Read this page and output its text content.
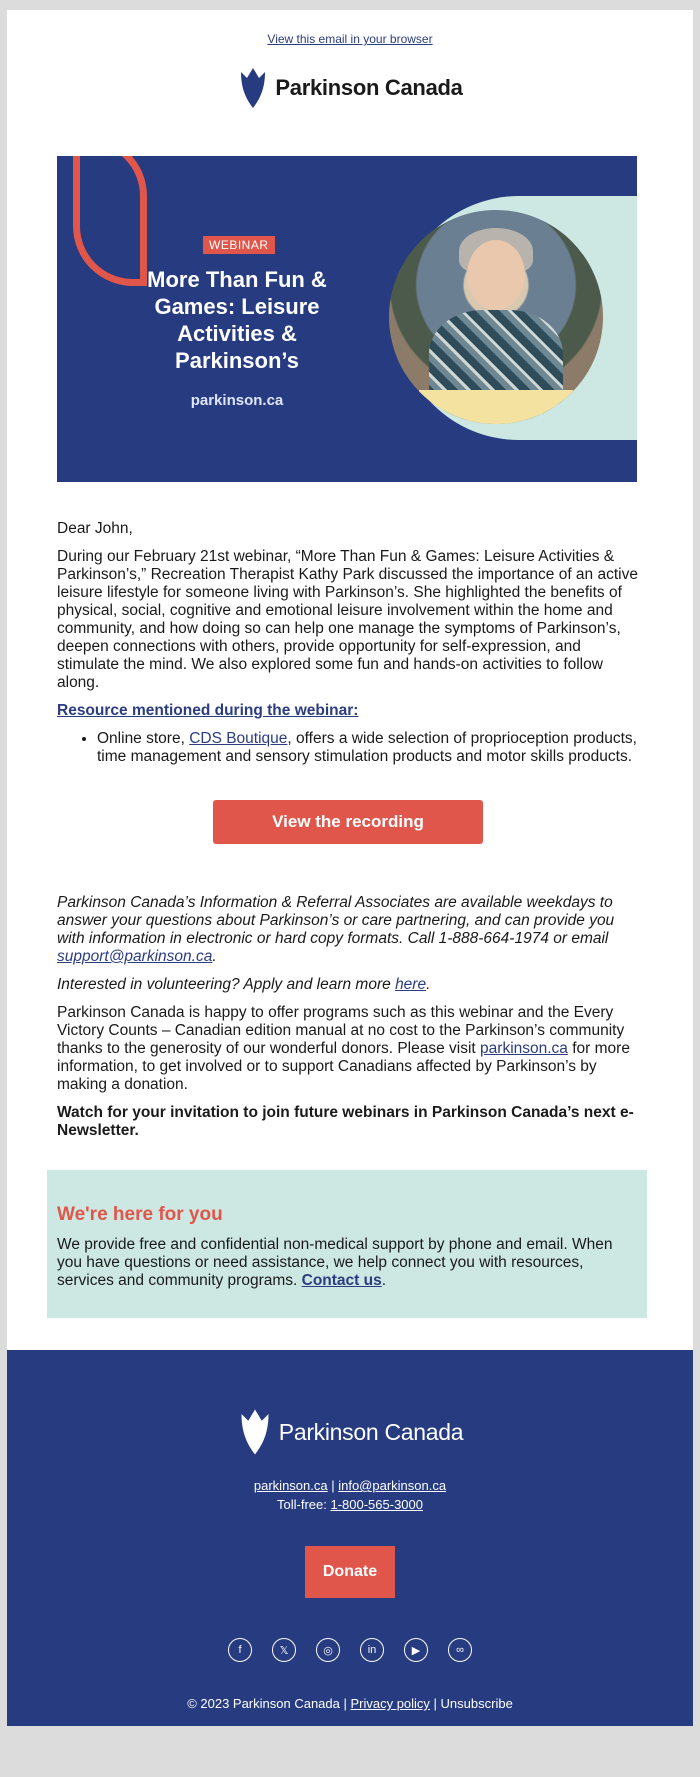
View this email in your browser
Parkinson Canada
WEBINAR
More Than Fun & Games: Leisure Activities & Parkinson’s
parkinson.ca

Dear John,

During our February 21st webinar, “More Than Fun & Games: Leisure Activities & Parkinson’s,” Recreation Therapist Kathy Park discussed the importance of an active leisure lifestyle for someone living with Parkinson’s. She highlighted the benefits of physical, social, cognitive and emotional leisure involvement within the home and community, and how doing so can help one manage the symptoms of Parkinson’s, deepen connections with others, provide opportunity for self-expression, and stimulate the mind. We also explored some fun and hands-on activities to follow along.

Resource mentioned during the webinar:

• Online store, CDS Boutique, offers a wide selection of proprioception products, time management and sensory stimulation products and motor skills products.
View the recording

Parkinson Canada’s Information & Referral Associates are available weekdays to answer your questions about Parkinson’s or care partnering, and can provide you with information in electronic or hard copy formats. Call 1-888-664-1974 or email support@parkinson.ca.

Interested in volunteering? Apply and learn more here.

Parkinson Canada is happy to offer programs such as this webinar and the Every Victory Counts – Canadian edition manual at no cost to the Parkinson’s community thanks to the generosity of our wonderful donors. Please visit parkinson.ca for more information, to get involved or to support Canadians affected by Parkinson’s by making a donation.

Watch for your invitation to join future webinars in Parkinson Canada’s next e-Newsletter.

We're here for you

We provide free and confidential non-medical support by phone and email. When you have questions or need assistance, we help connect you with resources, services and community programs. Contact us.

Parkinson Canada
parkinson.ca | info@parkinson.ca
Toll-free: 1-800-565-3000
Donate
f	𝕏	◎	in	▶	∞
© 2023 Parkinson Canada | Privacy policy | Unsubscribe
